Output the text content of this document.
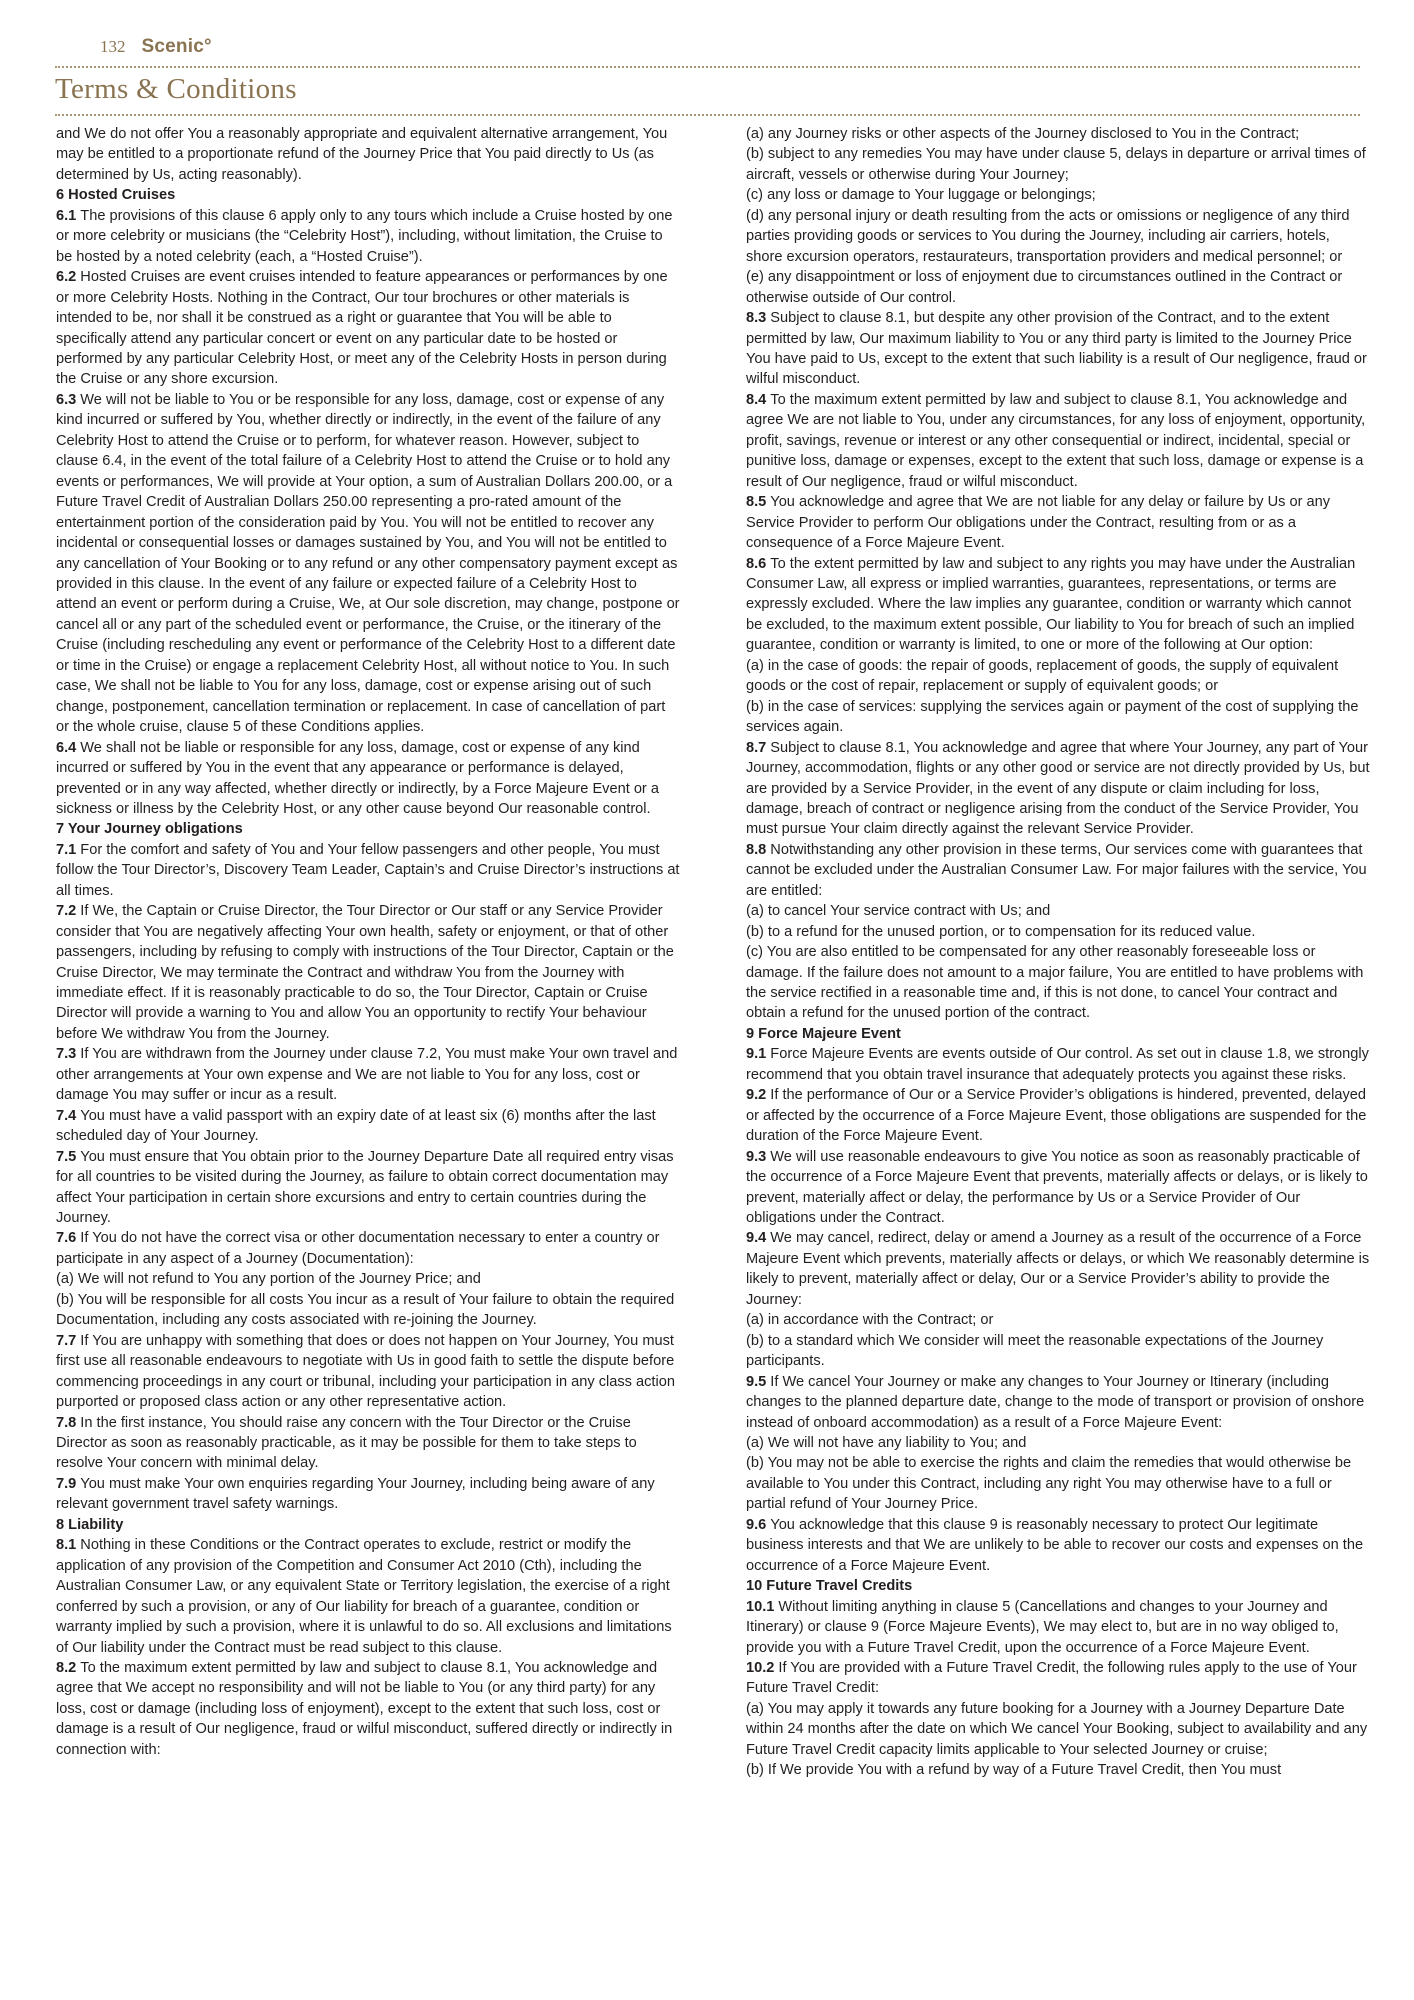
132 Scenic°
Terms & Conditions

and We do not offer You a reasonably appropriate and equivalent alternative arrangement, You may be entitled to a proportionate refund of the Journey Price that You paid directly to Us (as determined by Us, acting reasonably).

6 Hosted Cruises

6.1 The provisions of this clause 6 apply only to any tours which include a Cruise hosted by one or more celebrity or musicians (the “Celebrity Host”), including, without limitation, the Cruise to be hosted by a noted celebrity (each, a “Hosted Cruise”).

6.2 Hosted Cruises are event cruises intended to feature appearances or performances by one or more Celebrity Hosts. Nothing in the Contract, Our tour brochures or other materials is intended to be, nor shall it be construed as a right or guarantee that You will be able to specifically attend any particular concert or event on any particular date to be hosted or performed by any particular Celebrity Host, or meet any of the Celebrity Hosts in person during the Cruise or any shore excursion.

6.3 We will not be liable to You or be responsible for any loss, damage, cost or expense of any kind incurred or suffered by You, whether directly or indirectly, in the event of the failure of any Celebrity Host to attend the Cruise or to perform, for whatever reason. However, subject to clause 6.4, in the event of the total failure of a Celebrity Host to attend the Cruise or to hold any events or performances, We will provide at Your option, a sum of Australian Dollars 200.00, or a Future Travel Credit of Australian Dollars 250.00 representing a pro-rated amount of the entertainment portion of the consideration paid by You. You will not be entitled to recover any incidental or consequential losses or damages sustained by You, and You will not be entitled to any cancellation of Your Booking or to any refund or any other compensatory payment except as provided in this clause. In the event of any failure or expected failure of a Celebrity Host to attend an event or perform during a Cruise, We, at Our sole discretion, may change, postpone or cancel all or any part of the scheduled event or performance, the Cruise, or the itinerary of the Cruise (including rescheduling any event or performance of the Celebrity Host to a different date or time in the Cruise) or engage a replacement Celebrity Host, all without notice to You. In such case, We shall not be liable to You for any loss, damage, cost or expense arising out of such change, postponement, cancellation termination or replacement. In case of cancellation of part or the whole cruise, clause 5 of these Conditions applies.

6.4 We shall not be liable or responsible for any loss, damage, cost or expense of any kind incurred or suffered by You in the event that any appearance or performance is delayed, prevented or in any way affected, whether directly or indirectly, by a Force Majeure Event or a sickness or illness by the Celebrity Host, or any other cause beyond Our reasonable control.

7 Your Journey obligations

7.1 For the comfort and safety of You and Your fellow passengers and other people, You must follow the Tour Director’s, Discovery Team Leader, Captain’s and Cruise Director’s instructions at all times.

7.2 If We, the Captain or Cruise Director, the Tour Director or Our staff or any Service Provider consider that You are negatively affecting Your own health, safety or enjoyment, or that of other passengers, including by refusing to comply with instructions of the Tour Director, Captain or the Cruise Director, We may terminate the Contract and withdraw You from the Journey with immediate effect. If it is reasonably practicable to do so, the Tour Director, Captain or Cruise Director will provide a warning to You and allow You an opportunity to rectify Your behaviour before We withdraw You from the Journey.

7.3 If You are withdrawn from the Journey under clause 7.2, You must make Your own travel and other arrangements at Your own expense and We are not liable to You for any loss, cost or damage You may suffer or incur as a result.

7.4 You must have a valid passport with an expiry date of at least six (6) months after the last scheduled day of Your Journey.

7.5 You must ensure that You obtain prior to the Journey Departure Date all required entry visas for all countries to be visited during the Journey, as failure to obtain correct documentation may affect Your participation in certain shore excursions and entry to certain countries during the Journey.

7.6 If You do not have the correct visa or other documentation necessary to enter a country or participate in any aspect of a Journey (Documentation):

(a) We will not refund to You any portion of the Journey Price; and

(b) You will be responsible for all costs You incur as a result of Your failure to obtain the required Documentation, including any costs associated with re-joining the Journey.

7.7 If You are unhappy with something that does or does not happen on Your Journey, You must first use all reasonable endeavours to negotiate with Us in good faith to settle the dispute before commencing proceedings in any court or tribunal, including your participation in any class action purported or proposed class action or any other representative action.

7.8 In the first instance, You should raise any concern with the Tour Director or the Cruise Director as soon as reasonably practicable, as it may be possible for them to take steps to resolve Your concern with minimal delay.

7.9 You must make Your own enquiries regarding Your Journey, including being aware of any relevant government travel safety warnings.

8 Liability

8.1 Nothing in these Conditions or the Contract operates to exclude, restrict or modify the application of any provision of the Competition and Consumer Act 2010 (Cth), including the Australian Consumer Law, or any equivalent State or Territory legislation, the exercise of a right conferred by such a provision, or any of Our liability for breach of a guarantee, condition or warranty implied by such a provision, where it is unlawful to do so. All exclusions and limitations of Our liability under the Contract must be read subject to this clause.

8.2 To the maximum extent permitted by law and subject to clause 8.1, You acknowledge and agree that We accept no responsibility and will not be liable to You (or any third party) for any loss, cost or damage (including loss of enjoyment), except to the extent that such loss, cost or damage is a result of Our negligence, fraud or wilful misconduct, suffered directly or indirectly in connection with:

(a) any Journey risks or other aspects of the Journey disclosed to You in the Contract;

(b) subject to any remedies You may have under clause 5, delays in departure or arrival times of aircraft, vessels or otherwise during Your Journey;

(c) any loss or damage to Your luggage or belongings;

(d) any personal injury or death resulting from the acts or omissions or negligence of any third parties providing goods or services to You during the Journey, including air carriers, hotels, shore excursion operators, restaurateurs, transportation providers and medical personnel; or

(e) any disappointment or loss of enjoyment due to circumstances outlined in the Contract or otherwise outside of Our control.

8.3 Subject to clause 8.1, but despite any other provision of the Contract, and to the extent permitted by law, Our maximum liability to You or any third party is limited to the Journey Price You have paid to Us, except to the extent that such liability is a result of Our negligence, fraud or wilful misconduct.

8.4 To the maximum extent permitted by law and subject to clause 8.1, You acknowledge and agree We are not liable to You, under any circumstances, for any loss of enjoyment, opportunity, profit, savings, revenue or interest or any other consequential or indirect, incidental, special or punitive loss, damage or expenses, except to the extent that such loss, damage or expense is a result of Our negligence, fraud or wilful misconduct.

8.5 You acknowledge and agree that We are not liable for any delay or failure by Us or any Service Provider to perform Our obligations under the Contract, resulting from or as a consequence of a Force Majeure Event.

8.6 To the extent permitted by law and subject to any rights you may have under the Australian Consumer Law, all express or implied warranties, guarantees, representations, or terms are expressly excluded. Where the law implies any guarantee, condition or warranty which cannot be excluded, to the maximum extent possible, Our liability to You for breach of such an implied guarantee, condition or warranty is limited, to one or more of the following at Our option:

(a) in the case of goods: the repair of goods, replacement of goods, the supply of equivalent goods or the cost of repair, replacement or supply of equivalent goods; or

(b) in the case of services: supplying the services again or payment of the cost of supplying the services again.

8.7 Subject to clause 8.1, You acknowledge and agree that where Your Journey, any part of Your Journey, accommodation, flights or any other good or service are not directly provided by Us, but are provided by a Service Provider, in the event of any dispute or claim including for loss, damage, breach of contract or negligence arising from the conduct of the Service Provider, You must pursue Your claim directly against the relevant Service Provider.

8.8 Notwithstanding any other provision in these terms, Our services come with guarantees that cannot be excluded under the Australian Consumer Law. For major failures with the service, You are entitled:

(a) to cancel Your service contract with Us; and

(b) to a refund for the unused portion, or to compensation for its reduced value.

(c) You are also entitled to be compensated for any other reasonably foreseeable loss or damage. If the failure does not amount to a major failure, You are entitled to have problems with the service rectified in a reasonable time and, if this is not done, to cancel Your contract and obtain a refund for the unused portion of the contract.

9 Force Majeure Event

9.1 Force Majeure Events are events outside of Our control. As set out in clause 1.8, we strongly recommend that you obtain travel insurance that adequately protects you against these risks.

9.2 If the performance of Our or a Service Provider’s obligations is hindered, prevented, delayed or affected by the occurrence of a Force Majeure Event, those obligations are suspended for the duration of the Force Majeure Event.

9.3 We will use reasonable endeavours to give You notice as soon as reasonably practicable of the occurrence of a Force Majeure Event that prevents, materially affects or delays, or is likely to prevent, materially affect or delay, the performance by Us or a Service Provider of Our obligations under the Contract.

9.4 We may cancel, redirect, delay or amend a Journey as a result of the occurrence of a Force Majeure Event which prevents, materially affects or delays, or which We reasonably determine is likely to prevent, materially affect or delay, Our or a Service Provider’s ability to provide the Journey:

(a) in accordance with the Contract; or

(b) to a standard which We consider will meet the reasonable expectations of the Journey participants.

9.5 If We cancel Your Journey or make any changes to Your Journey or Itinerary (including changes to the planned departure date, change to the mode of transport or provision of onshore instead of onboard accommodation) as a result of a Force Majeure Event:

(a) We will not have any liability to You; and

(b) You may not be able to exercise the rights and claim the remedies that would otherwise be available to You under this Contract, including any right You may otherwise have to a full or partial refund of Your Journey Price.

9.6 You acknowledge that this clause 9 is reasonably necessary to protect Our legitimate business interests and that We are unlikely to be able to recover our costs and expenses on the occurrence of a Force Majeure Event.

10 Future Travel Credits

10.1 Without limiting anything in clause 5 (Cancellations and changes to your Journey and Itinerary) or clause 9 (Force Majeure Events), We may elect to, but are in no way obliged to, provide you with a Future Travel Credit, upon the occurrence of a Force Majeure Event.

10.2 If You are provided with a Future Travel Credit, the following rules apply to the use of Your Future Travel Credit:

(a) You may apply it towards any future booking for a Journey with a Journey Departure Date within 24 months after the date on which We cancel Your Booking, subject to availability and any Future Travel Credit capacity limits applicable to Your selected Journey or cruise;

(b) If We provide You with a refund by way of a Future Travel Credit, then You must
